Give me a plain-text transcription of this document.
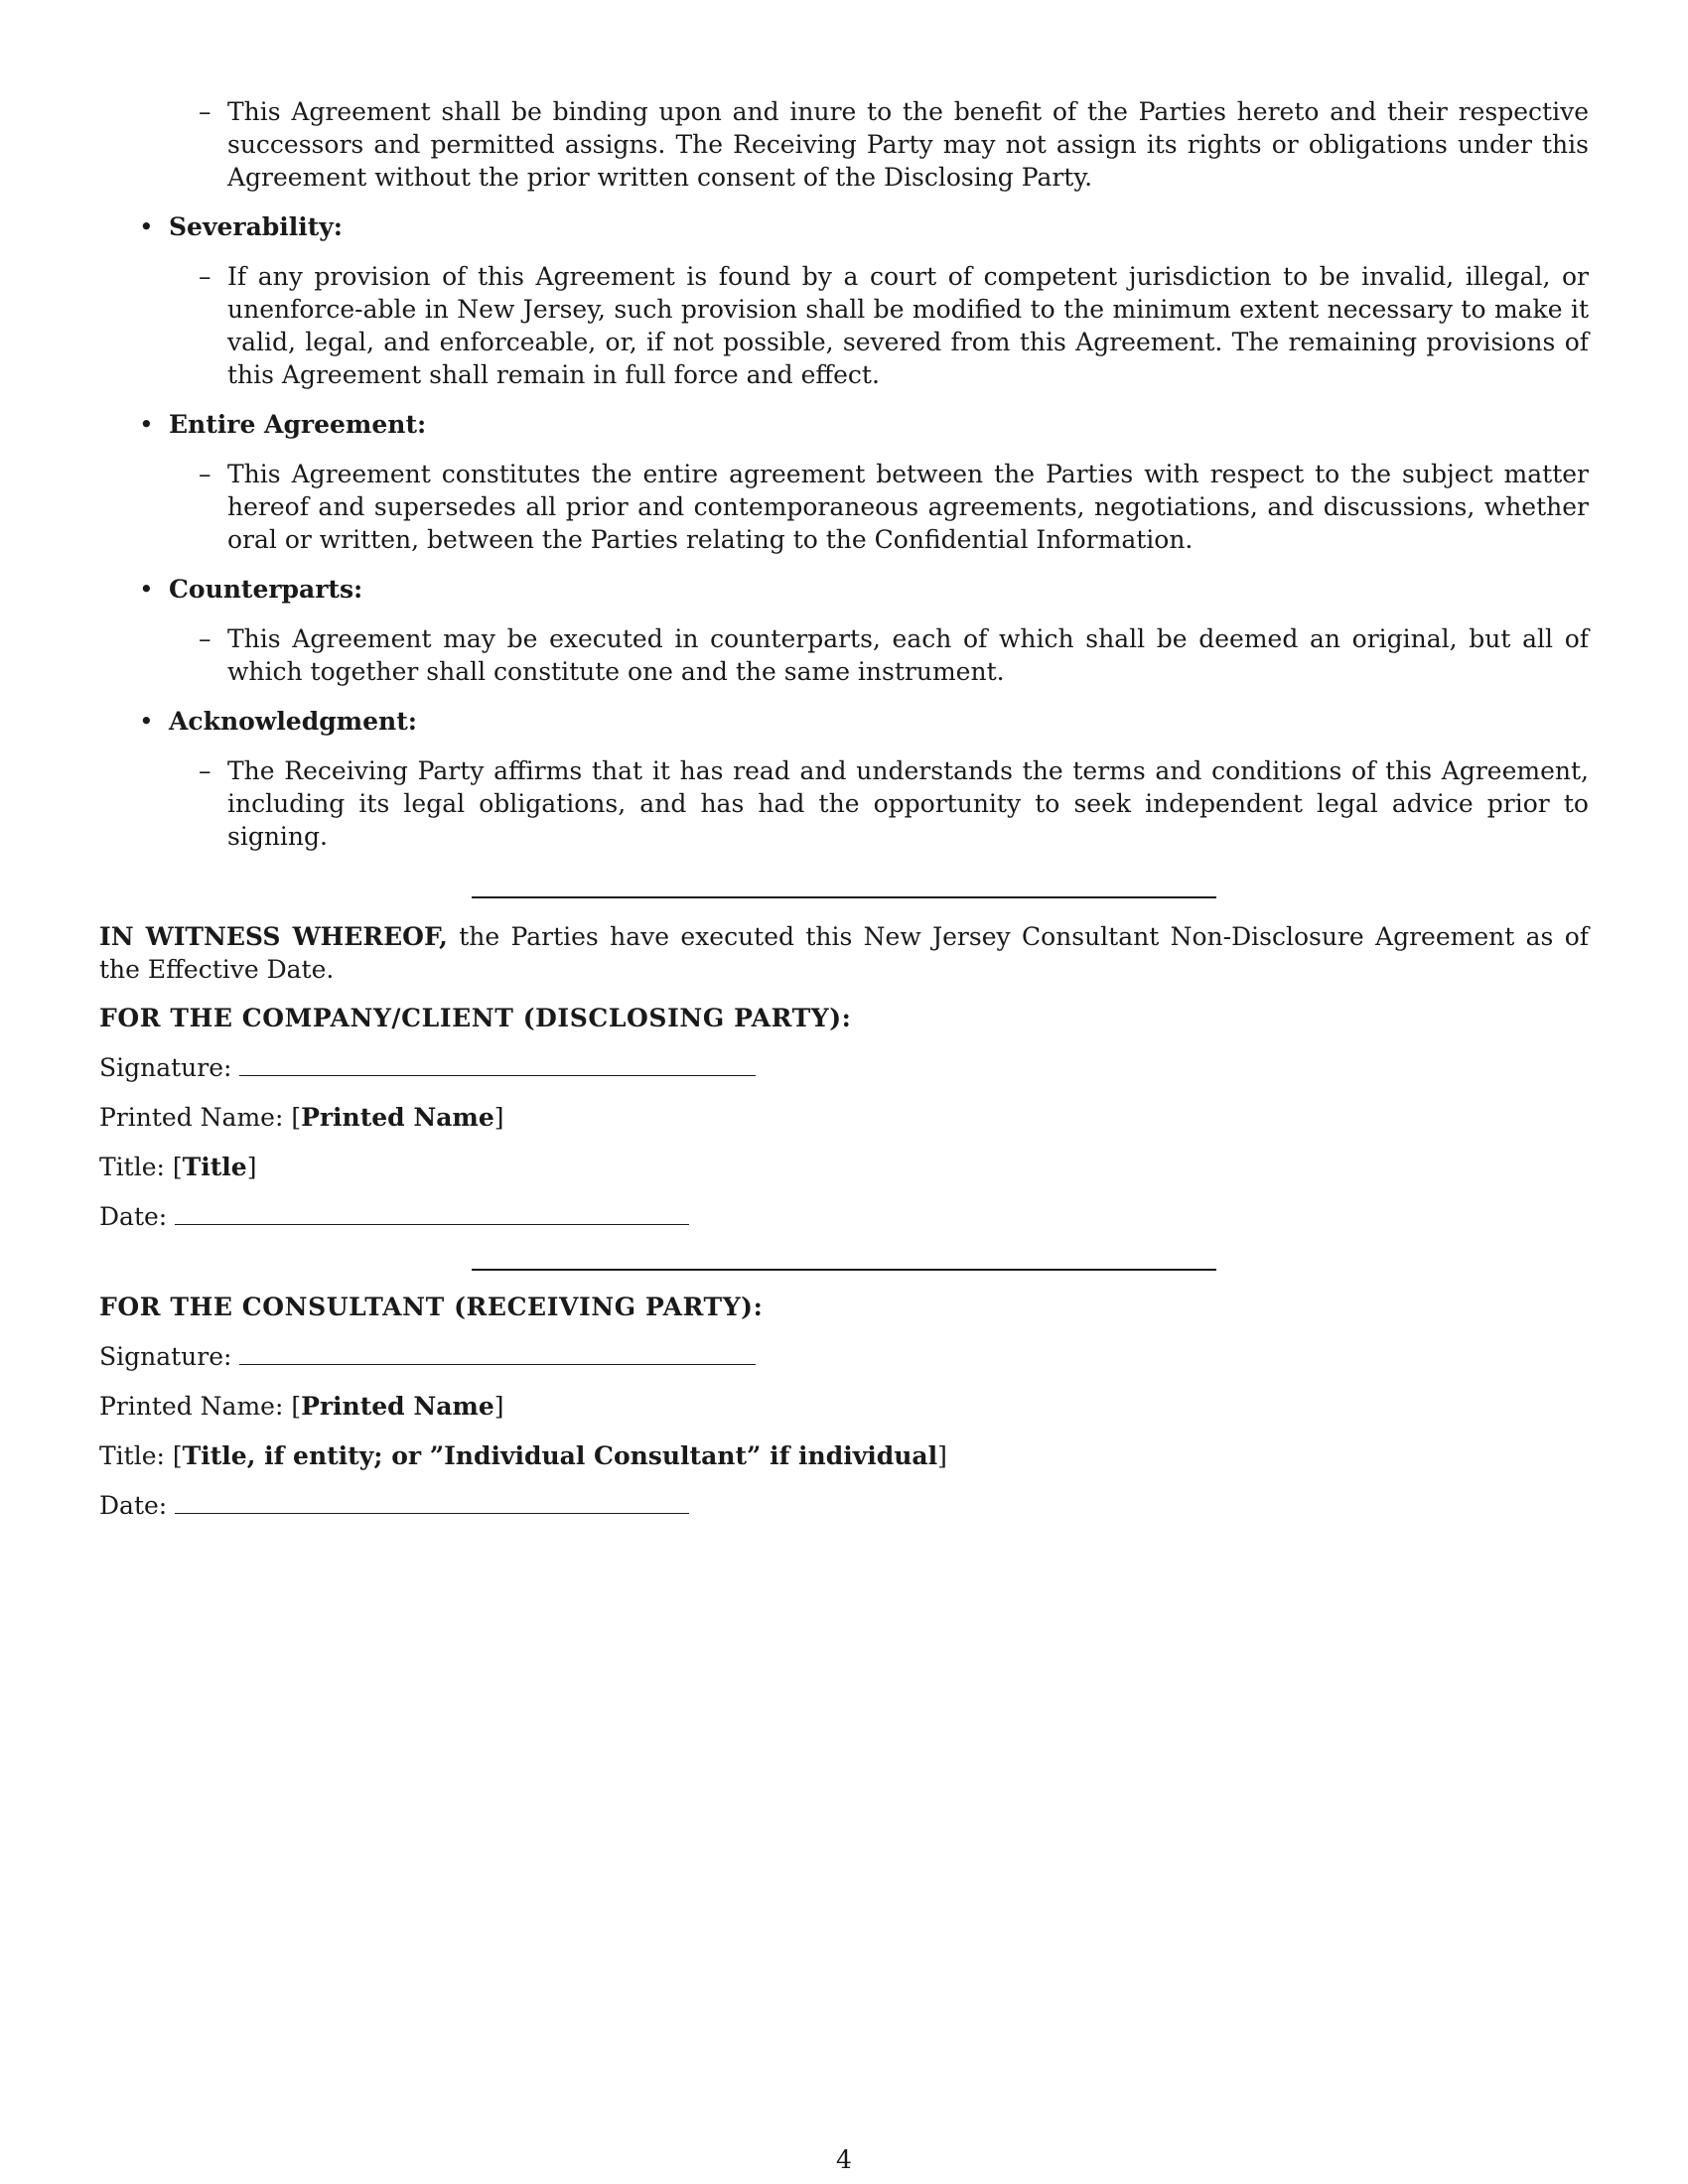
– This Agreement shall be binding upon and inure to the benefit of the Parties hereto and their respective successors and permitted assigns. The Receiving Party may not assign its rights or obligations under this Agreement without the prior written consent of the Disclosing Party.

• Severability:

– If any provision of this Agreement is found by a court of competent jurisdiction to be invalid, illegal, or unenforce-able in New Jersey, such provision shall be modified to the minimum extent necessary to make it valid, legal, and enforceable, or, if not possible, severed from this Agreement. The remaining provisions of this Agreement shall remain in full force and effect.

• Entire Agreement:

– This Agreement constitutes the entire agreement between the Parties with respect to the subject matter hereof and supersedes all prior and contemporaneous agreements, negotiations, and discussions, whether oral or written, between the Parties relating to the Confidential Information.

• Counterparts:

– This Agreement may be executed in counterparts, each of which shall be deemed an original, but all of which together shall constitute one and the same instrument.

• Acknowledgment:

– The Receiving Party affirms that it has read and understands the terms and conditions of this Agreement, including its legal obligations, and has had the opportunity to seek independent legal advice prior to signing.

IN WITNESS WHEREOF, the Parties have executed this New Jersey Consultant Non-Disclosure Agreement as of the Effective Date.

FOR THE COMPANY/CLIENT (DISCLOSING PARTY):

Signature:

Printed Name: [Printed Name]

Title: [Title]

Date:

FOR THE CONSULTANT (RECEIVING PARTY):

Signature:

Printed Name: [Printed Name]

Title: [Title, if entity; or ”Individual Consultant” if individual]

Date:

4
